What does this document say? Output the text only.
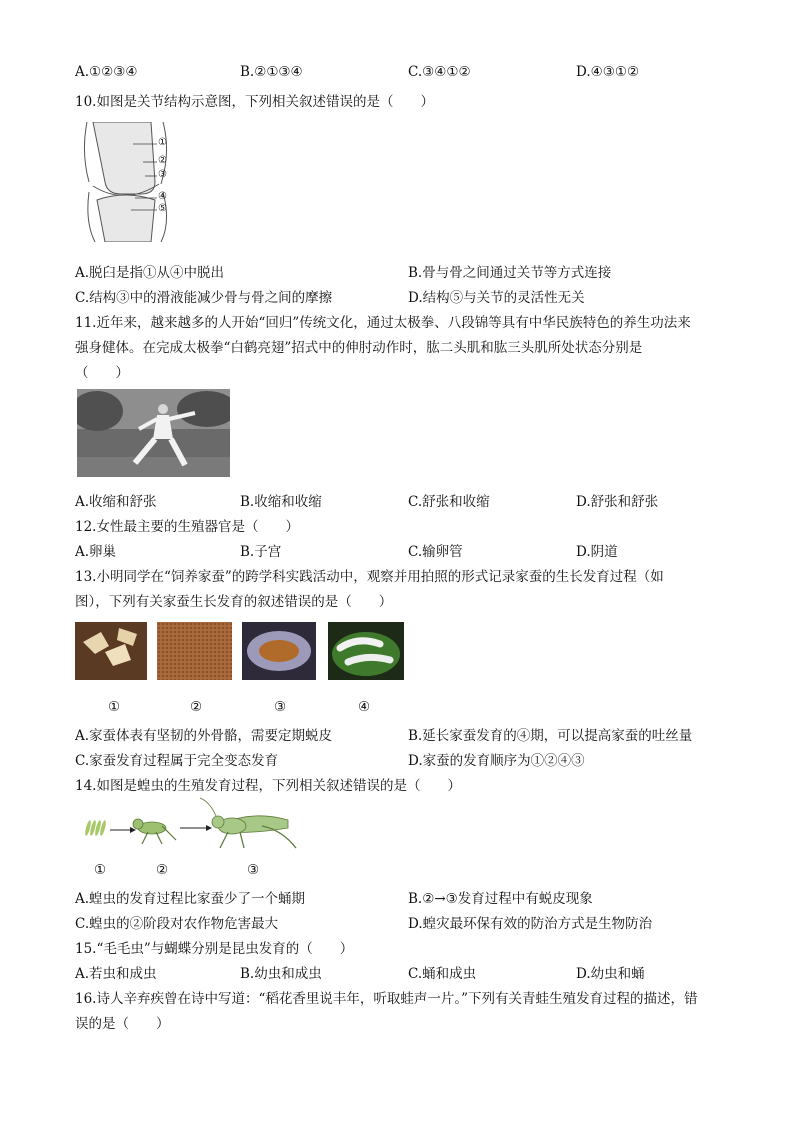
A.①②③④	B.②①③④	C.③④①②	D.④③①②
10.如图是关节结构示意图，下列相关叙述错误的是（　　）
①
②
③
④
⑤
A.脱臼是指①从④中脱出	B.骨与骨之间通过关节等方式连接
C.结构③中的滑液能减少骨与骨之间的摩擦	D.结构⑤与关节的灵活性无关
11.近年来，越来越多的人开始“回归”传统文化，通过太极拳、八段锦等具有中华民族特色的养生功法来
强身健体。在完成太极拳“白鹤亮翅”招式中的伸肘动作时，肱二头肌和肱三头肌所处状态分别是
（　　）
A.收缩和舒张	B.收缩和收缩	C.舒张和收缩	D.舒张和舒张
12.女性最主要的生殖器官是（　　）
A.卵巢	B.子宫	C.输卵管	D.阴道
13.小明同学在“饲养家蚕”的跨学科实践活动中，观察并用拍照的形式记录家蚕的生长发育过程（如
图），下列有关家蚕生长发育的叙述错误的是（　　）
①	②	③	④
A.家蚕体表有坚韧的外骨骼，需要定期蜕皮	B.延长家蚕发育的④期，可以提高家蚕的吐丝量
C.家蚕发育过程属于完全变态发育	D.家蚕的发育顺序为①②④③
14.如图是蝗虫的生殖发育过程，下列相关叙述错误的是（　　）
①	②	③
A.蝗虫的发育过程比家蚕少了一个蛹期	B.②→③发育过程中有蜕皮现象
C.蝗虫的②阶段对农作物危害最大	D.蝗灾最环保有效的防治方式是生物防治
15.“毛毛虫”与蝴蝶分别是昆虫发育的（　　）
A.若虫和成虫	B.幼虫和成虫	C.蛹和成虫	D.幼虫和蛹
16.诗人辛弃疾曾在诗中写道：“稻花香里说丰年，听取蛙声一片。”下列有关青蛙生殖发育过程的描述，错
误的是（　　）
